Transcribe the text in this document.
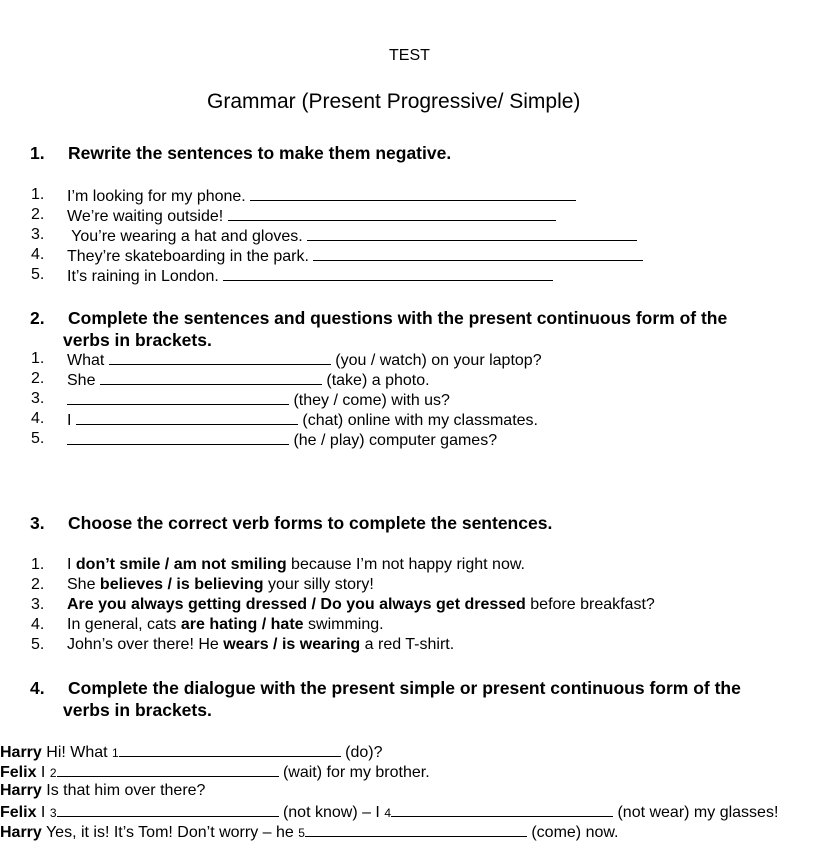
TEST
Grammar (Present Progressive/ Simple)
1. Rewrite the sentences to make them negative.
1. I’m looking for my phone.
2. We’re waiting outside!
3. You’re wearing a hat and gloves.
4. They’re skateboarding in the park.
5. It’s raining in London.
2. Complete the sentences and questions with the present continuous form of the
verbs in brackets.
1. What	(you / watch) on your laptop?
2. She	(take) a photo.
3.	(they / come) with us?
4. I	(chat) online with my classmates.
5.	(he / play) computer games?
3. Choose the correct verb forms to complete the sentences.
1. I don’t smile / am not smiling because I’m not happy right now.
2. She believes / is believing your silly story!
3. Are you always getting dressed / Do you always get dressed before breakfast?
4. In general, cats are hating / hate swimming.
5. John’s over there! He wears / is wearing a red T-shirt.
4. Complete the dialogue with the present simple or present continuous form of the
verbs in brackets.
Harry Hi! What 1	(do)?
Felix I 2	(wait) for my brother.
Harry Is that him over there?
Felix I 3	(not know) – I 4	(not wear) my glasses!
Harry Yes, it is! It’s Tom! Don’t worry – he 5	(come) now.
